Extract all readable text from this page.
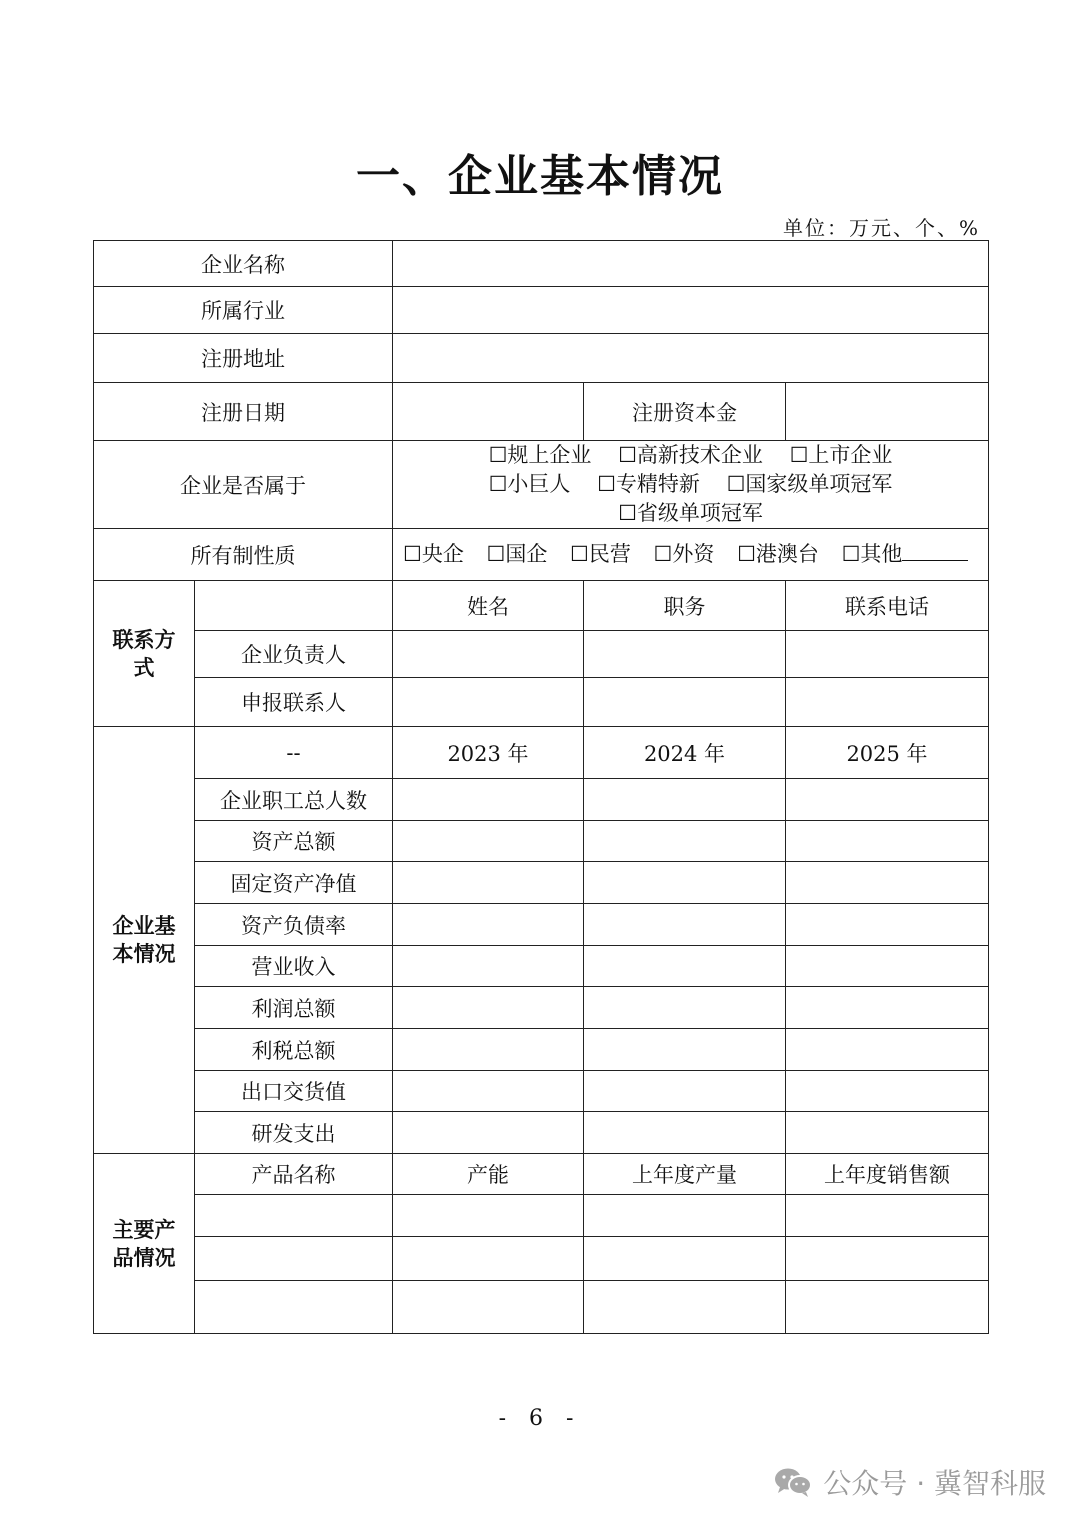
一、企业基本情况
单位：万元、个、%
企业名称				
所属行业				
注册地址				
注册日期			注册资本金	
企业是否属于		☐规上企业 ☐高新技术企业 ☐上市企业
☐小巨人 ☐专精特新 ☐国家级单项冠军 ☐省级单项冠军		

所有制性质		☐央企 ☐国企 ☐民营 ☐外资 ☐港澳台 ☐其他		

联系方式		姓名	职务	联系电话
	企业负责人			
	申报联系人			

企业基本情况	--	2023 年	2024 年	2025 年
	企业职工总人数			
	资产总额			
	固定资产净值			
	资产负债率			
	营业收入			
	利润总额			
	利税总额			
	出口交货值			
	研发支出			

主要产品情况	产品名称	产能	上年度产量	上年度销售额

- 6 -
公众号 · 冀智科服
